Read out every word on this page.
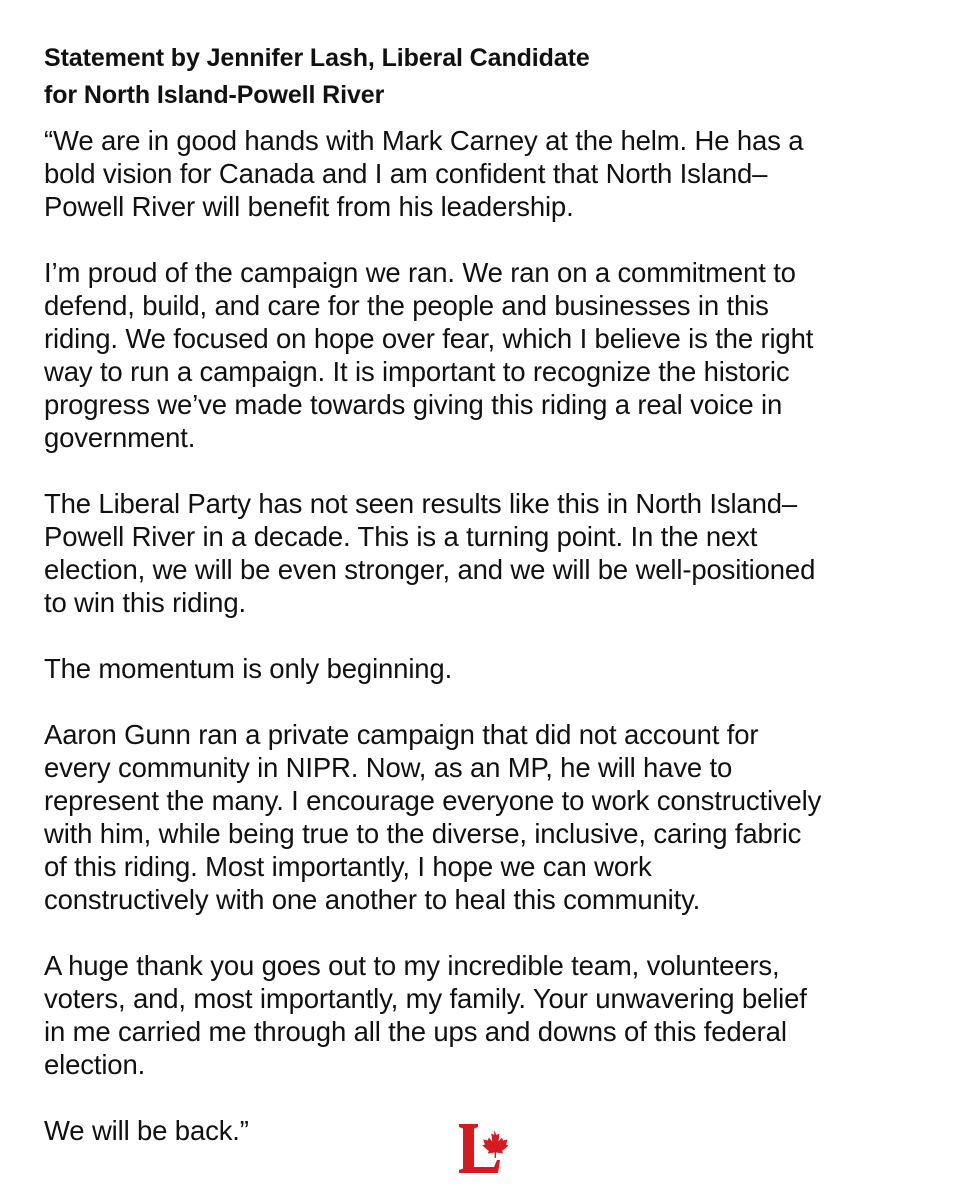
Statement by Jennifer Lash, Liberal Candidate
for North Island-Powell River
“We are in good hands with Mark Carney at the helm. He has a
bold vision for Canada and I am confident that North Island–
Powell River will benefit from his leadership.
I’m proud of the campaign we ran. We ran on a commitment to
defend, build, and care for the people and businesses in this
riding. We focused on hope over fear, which I believe is the right
way to run a campaign. It is important to recognize the historic
progress we’ve made towards giving this riding a real voice in
government.
The Liberal Party has not seen results like this in North Island–
Powell River in a decade. This is a turning point. In the next
election, we will be even stronger, and we will be well-positioned
to win this riding.
The momentum is only beginning.
Aaron Gunn ran a private campaign that did not account for
every community in NIPR. Now, as an MP, he will have to
represent the many. I encourage everyone to work constructively
with him, while being true to the diverse, inclusive, caring fabric
of this riding. Most importantly, I hope we can work
constructively with one another to heal this community.
A huge thank you goes out to my incredible team, volunteers,
voters, and, most importantly, my family. Your unwavering belief
in me carried me through all the ups and downs of this federal
election.
We will be back.”
